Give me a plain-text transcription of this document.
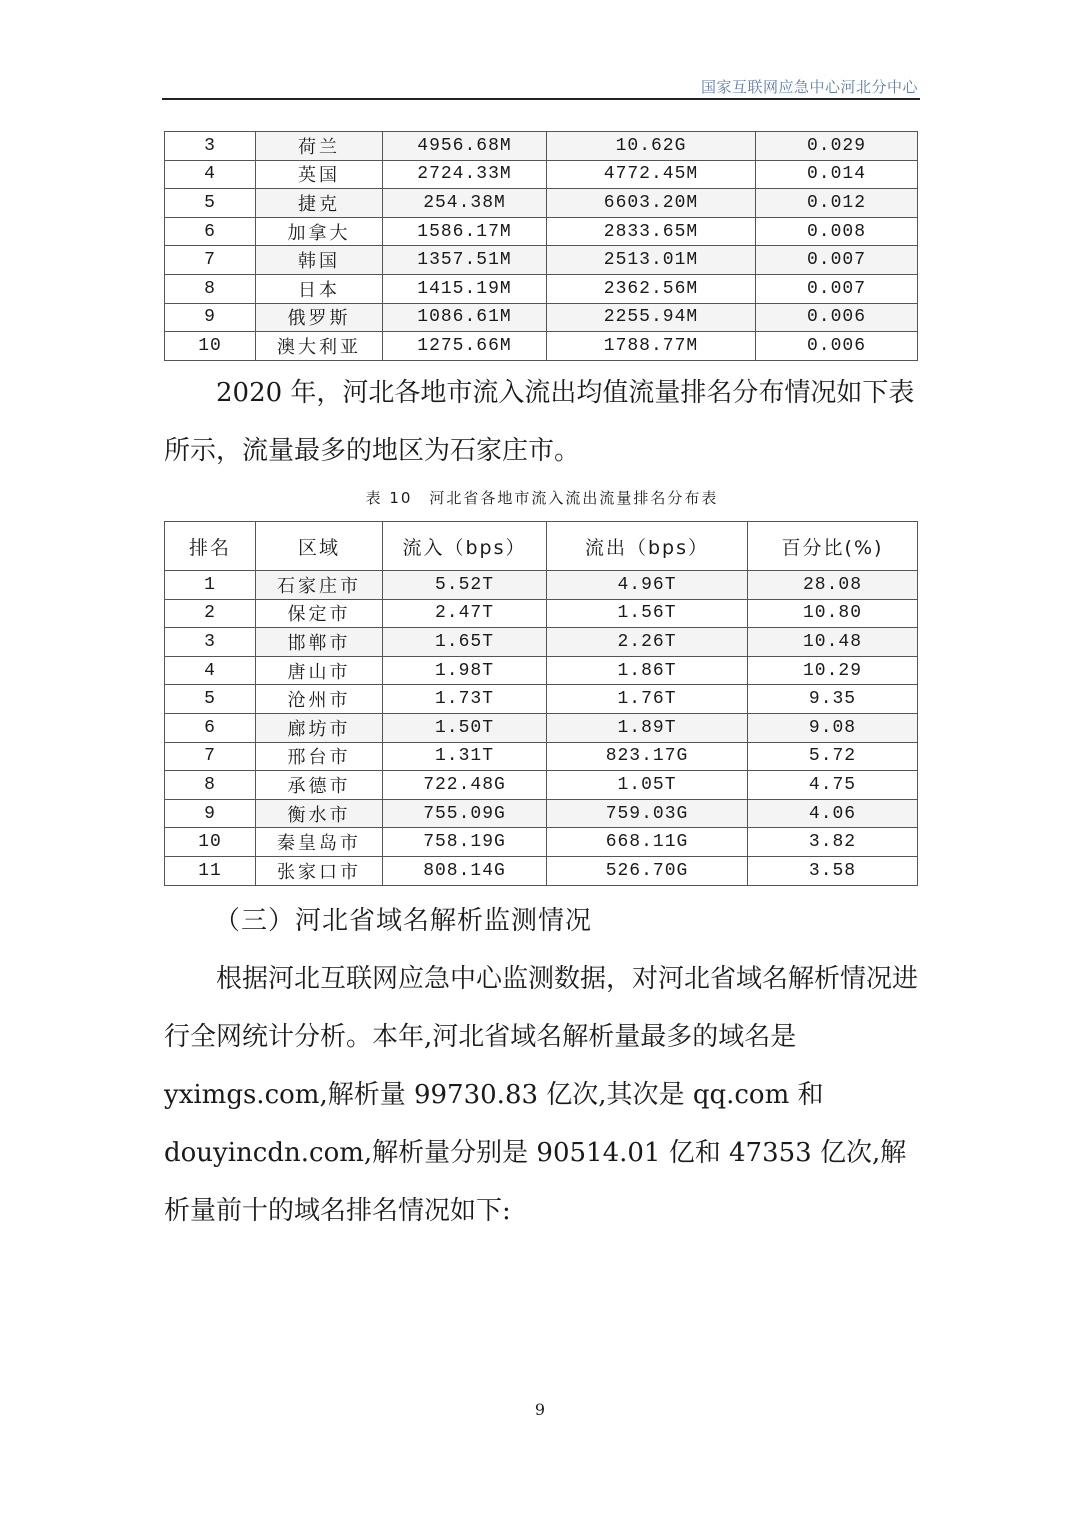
国家互联网应急中心河北分中心
3	荷兰	4956.68M	10.62G	0.029
4	英国	2724.33M	4772.45M	0.014
5	捷克	254.38M	6603.20M	0.012
6	加拿大	1586.17M	2833.65M	0.008
7	韩国	1357.51M	2513.01M	0.007
8	日本	1415.19M	2362.56M	0.007
9	俄罗斯	1086.61M	2255.94M	0.006
10	澳大利亚	1275.66M	1788.77M	0.006
2020 年，河北各地市流入流出均值流量排名分布情况如下表所示，流量最多的地区为石家庄市。
表 10　河北省各地市流入流出流量排名分布表
排名	区域	流入（bps）	流出（bps）	百分比(%)
1	石家庄市	5.52T	4.96T	28.08
2	保定市	2.47T	1.56T	10.80
3	邯郸市	1.65T	2.26T	10.48
4	唐山市	1.98T	1.86T	10.29
5	沧州市	1.73T	1.76T	9.35
6	廊坊市	1.50T	1.89T	9.08
7	邢台市	1.31T	823.17G	5.72
8	承德市	722.48G	1.05T	4.75
9	衡水市	755.09G	759.03G	4.06
10	秦皇岛市	758.19G	668.11G	3.82
11	张家口市	808.14G	526.70G	3.58
（三）河北省域名解析监测情况
根据河北互联网应急中心监测数据，对河北省域名解析情况进行全网统计分析。本年,河北省域名解析量最多的域名是 yximgs.com,解析量 99730.83 亿次,其次是 qq.com 和douyincdn.com,解析量分别是 90514.01 亿和 47353 亿次,解析量前十的域名排名情况如下:
9
